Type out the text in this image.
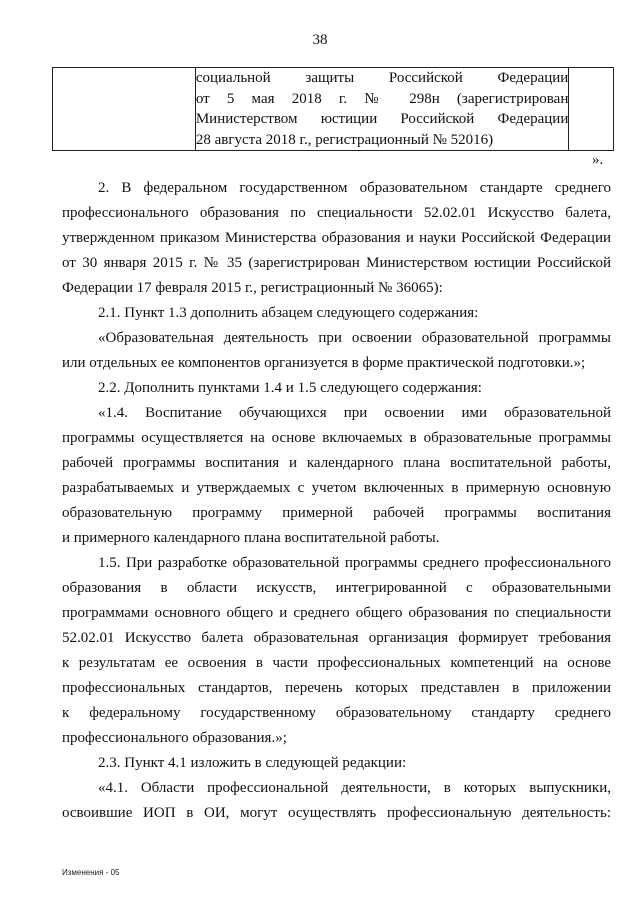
38

социальной защиты Российской Федерации
от 5 мая 2018 г. № 298н (зарегистрирован
Министерством юстиции Российской Федерации
28 августа 2018 г., регистрационный № 52016)

».
2. В федеральном государственном образовательном стандарте среднего
профессионального образования по специальности 52.02.01 Искусство балета,
утвержденном приказом Министерства образования и науки Российской Федерации
от 30 января 2015 г. № 35 (зарегистрирован Министерством юстиции Российской
Федерации 17 февраля 2015 г., регистрационный № 36065):
2.1. Пункт 1.3 дополнить абзацем следующего содержания:
«Образовательная деятельность при освоении образовательной программы
или отдельных ее компонентов организуется в форме практической подготовки.»;
2.2. Дополнить пунктами 1.4 и 1.5 следующего содержания:
«1.4. Воспитание обучающихся при освоении ими образовательной
программы осуществляется на основе включаемых в образовательные программы
рабочей программы воспитания и календарного плана воспитательной работы,
разрабатываемых и утверждаемых с учетом включенных в примерную основную
образовательную программу примерной рабочей программы воспитания
и примерного календарного плана воспитательной работы.
1.5. При разработке образовательной программы среднего профессионального
образования в области искусств, интегрированной с образовательными
программами основного общего и среднего общего образования по специальности
52.02.01 Искусство балета образовательная организация формирует требования
к результатам ее освоения в части профессиональных компетенций на основе
профессиональных стандартов, перечень которых представлен в приложении
к федеральному государственному образовательному стандарту среднего
профессионального образования.»;
2.3. Пункт 4.1 изложить в следующей редакции:
«4.1. Области профессиональной деятельности, в которых выпускники,
освоившие ИОП в ОИ, могут осуществлять профессиональную деятельность:
Изменения - 05
